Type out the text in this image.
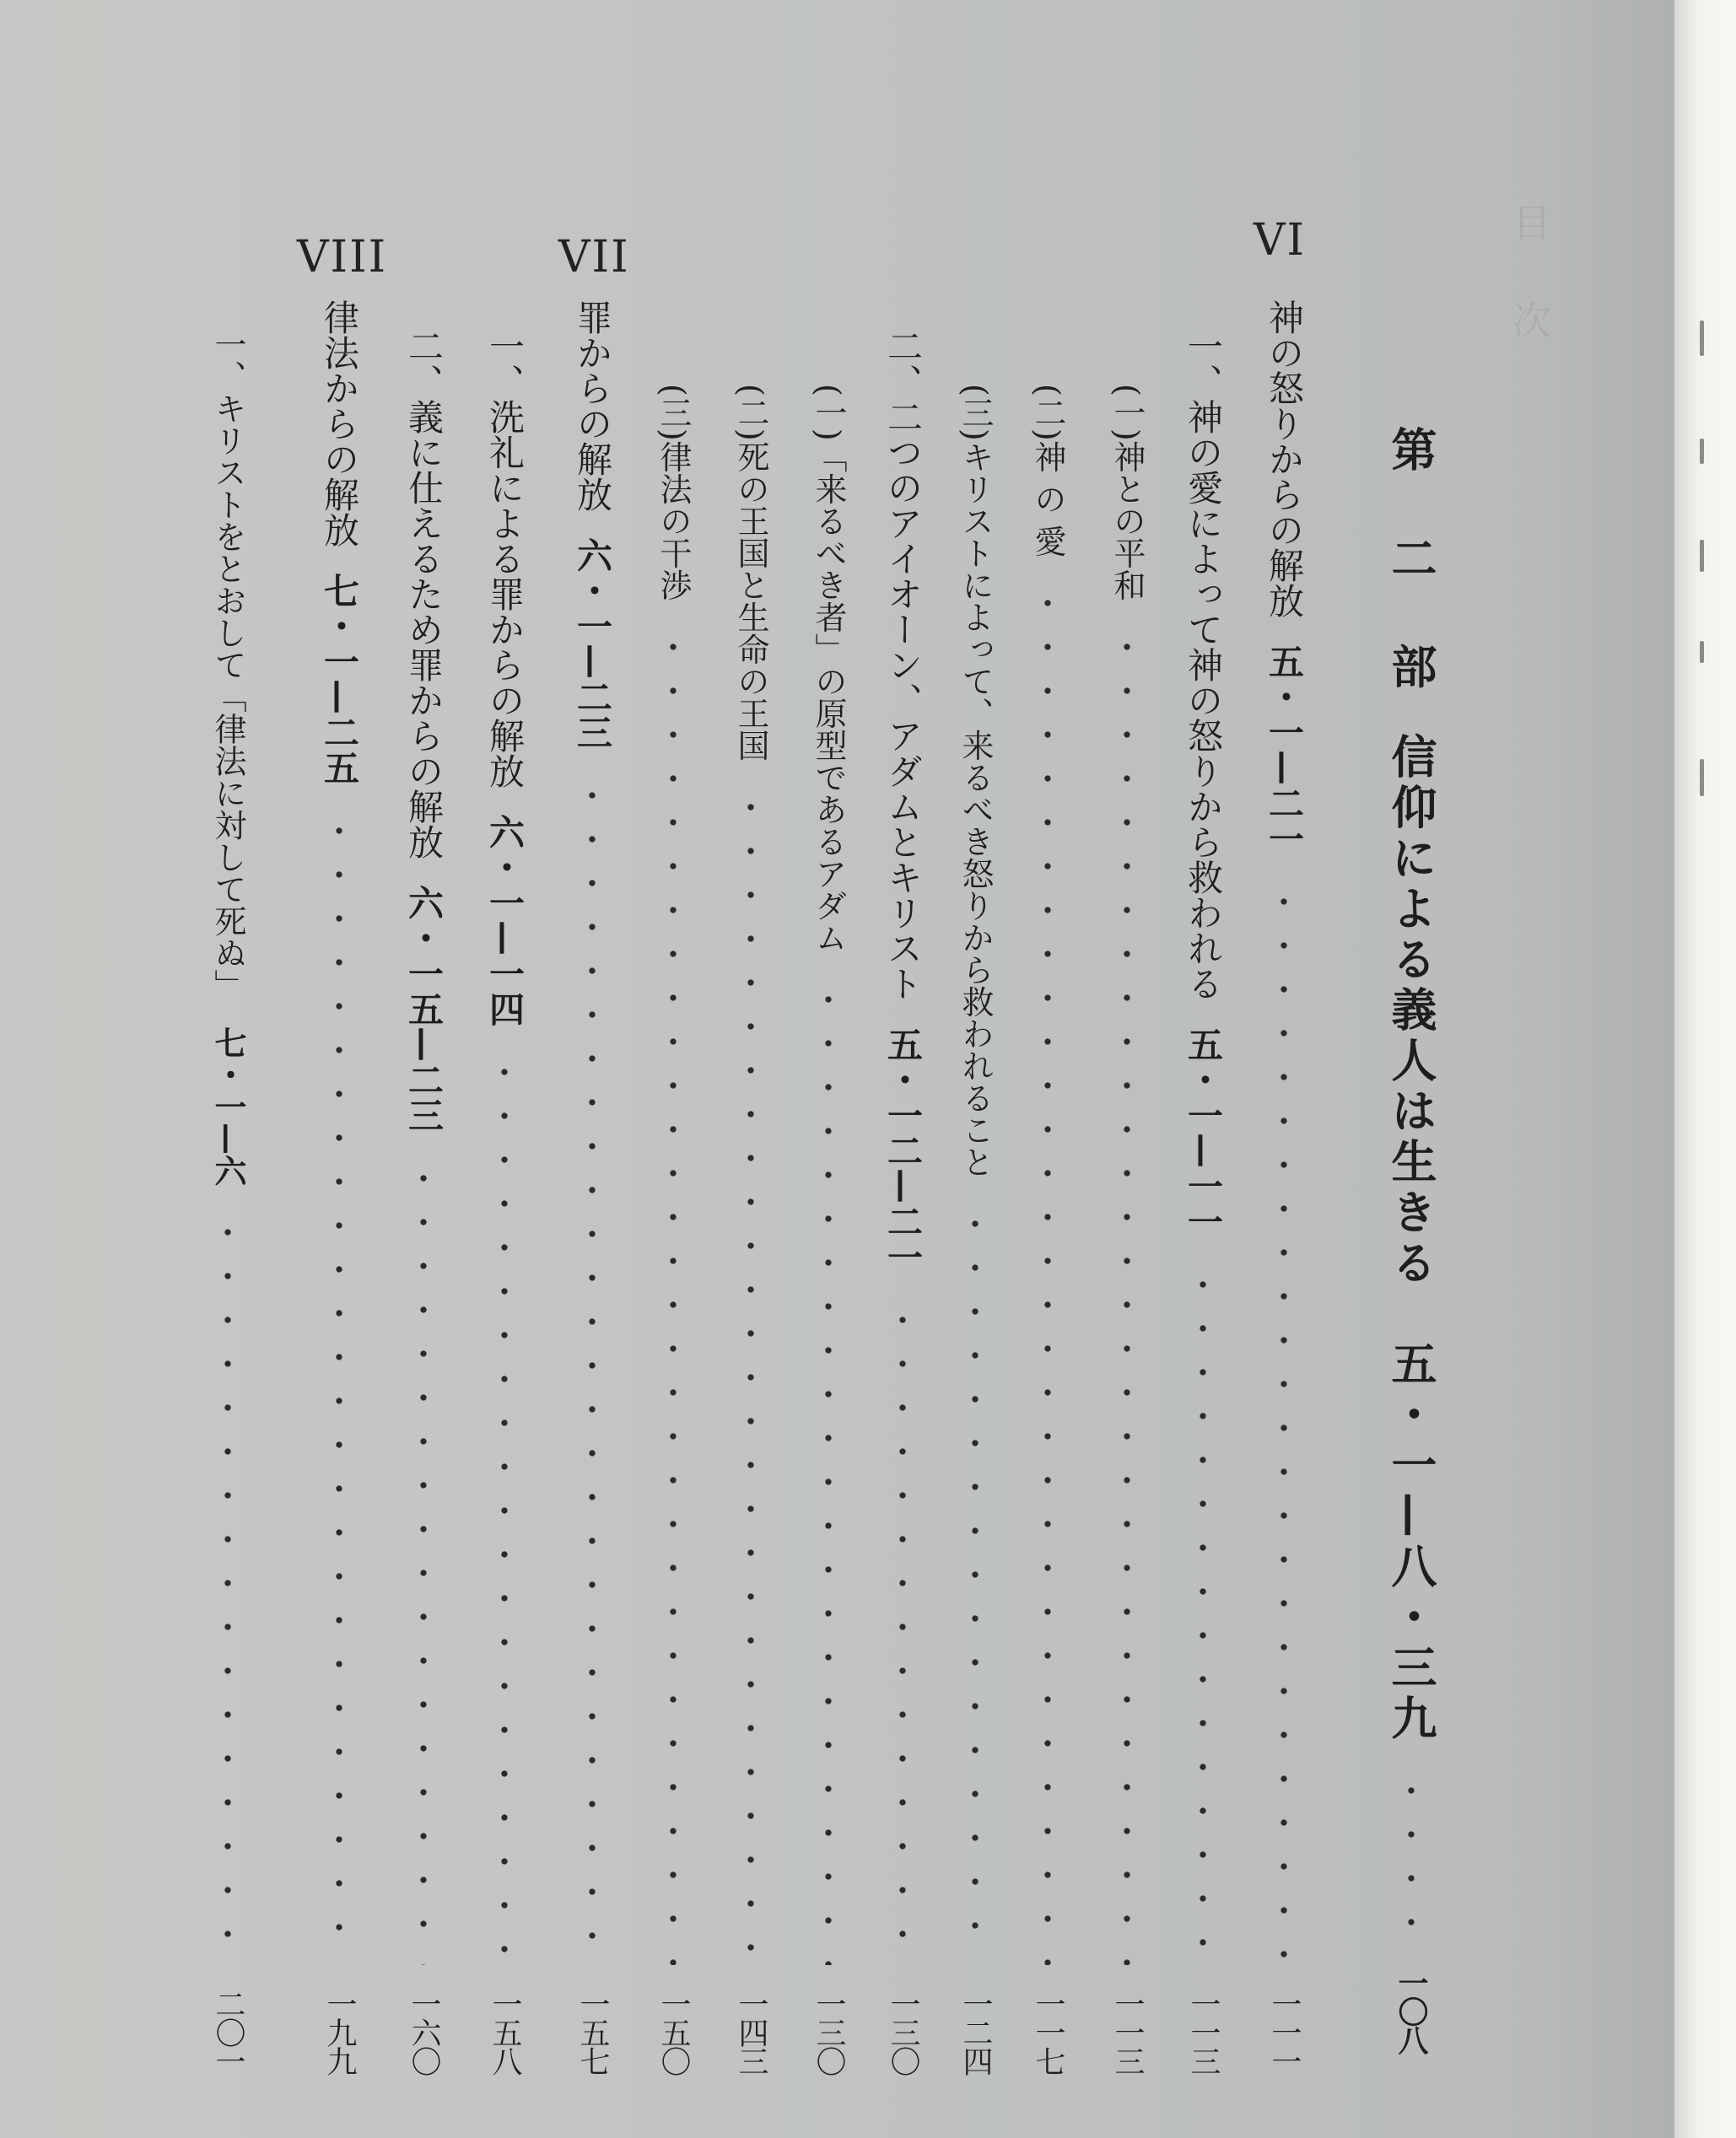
目　次　　　　

VI
VII
VIII
第 二 部
信仰による義人は生きる
五・一—八・三九
一〇八
神の怒りからの解放
五・一—二一
一一一
一、神の愛によって神の怒りから救われる
五・一—一一
一一三
(一)神との平和
一一三
(二)神 の 愛
一一七
(三)キリストによって、来るべき怒りから救われること
一二四
二、二つのアイオーン、アダムとキリスト
五・一二—二一
一三〇
(一)「来るべき者」の原型であるアダム
一三〇
(二)死の王国と生命の王国
一四三
(三)律法の干渉
一五〇
罪からの解放
六・一—二三
一五七
一、洗礼による罪からの解放
六・一—一四
一五八
二、義に仕えるため罪からの解放
六・一五—二三
一六〇
律法からの解放
七・一—二五
一九九
一、キリストをとおして「律法に対して死ぬ」
七・一—六
二〇一
